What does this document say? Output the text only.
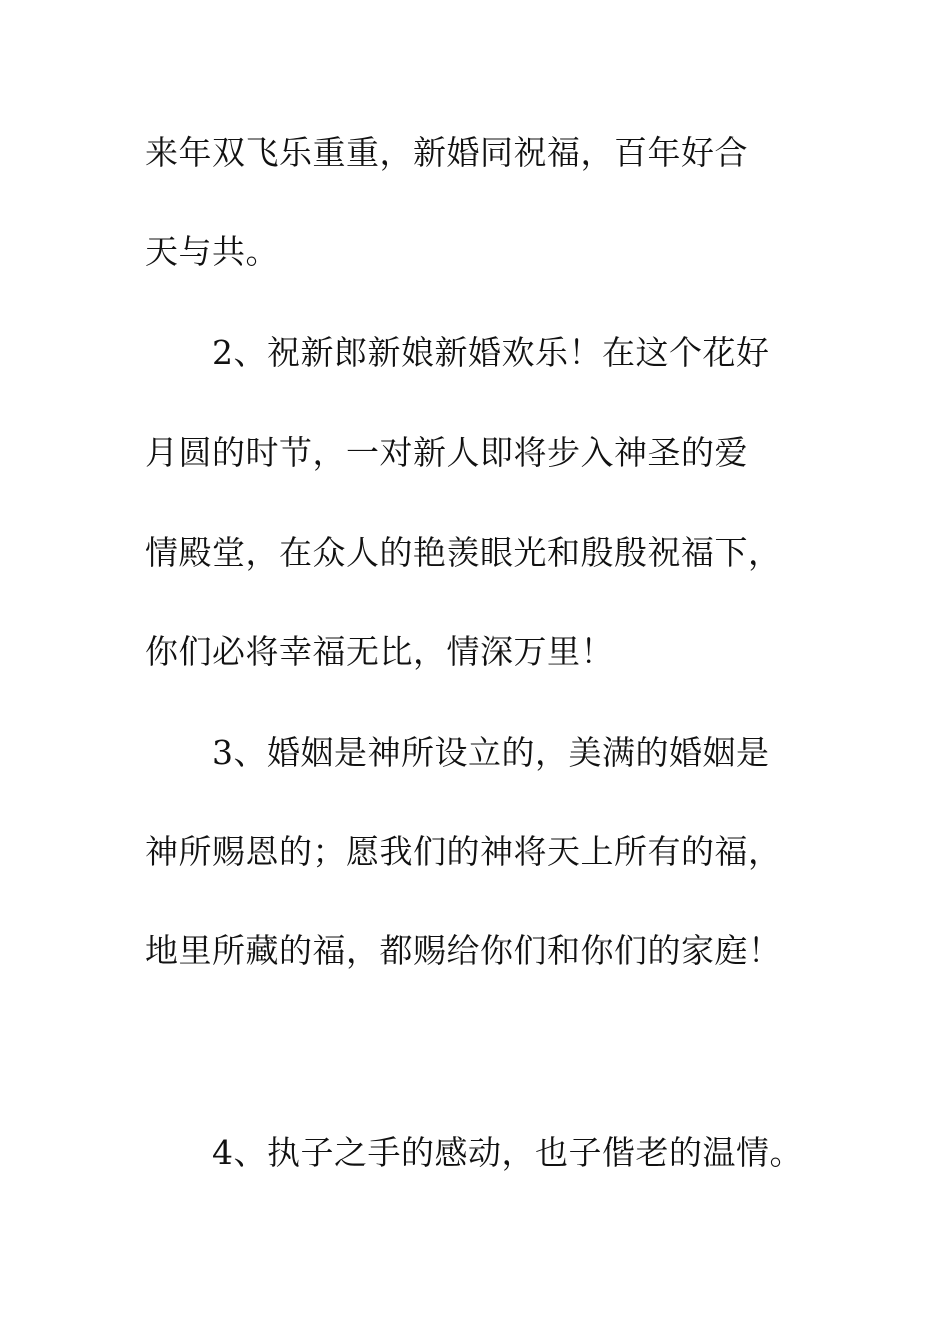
来年双飞乐重重，新婚同祝福，百年好合
天与共。
2、祝新郎新娘新婚欢乐！在这个花好
月圆的时节，一对新人即将步入神圣的爱
情殿堂，在众人的艳羡眼光和殷殷祝福下，
你们必将幸福无比，情深万里！
3、婚姻是神所设立的，美满的婚姻是
神所赐恩的；愿我们的神将天上所有的福，
地里所藏的福，都赐给你们和你们的家庭！
4、执子之手的感动，也子偕老的温情。
